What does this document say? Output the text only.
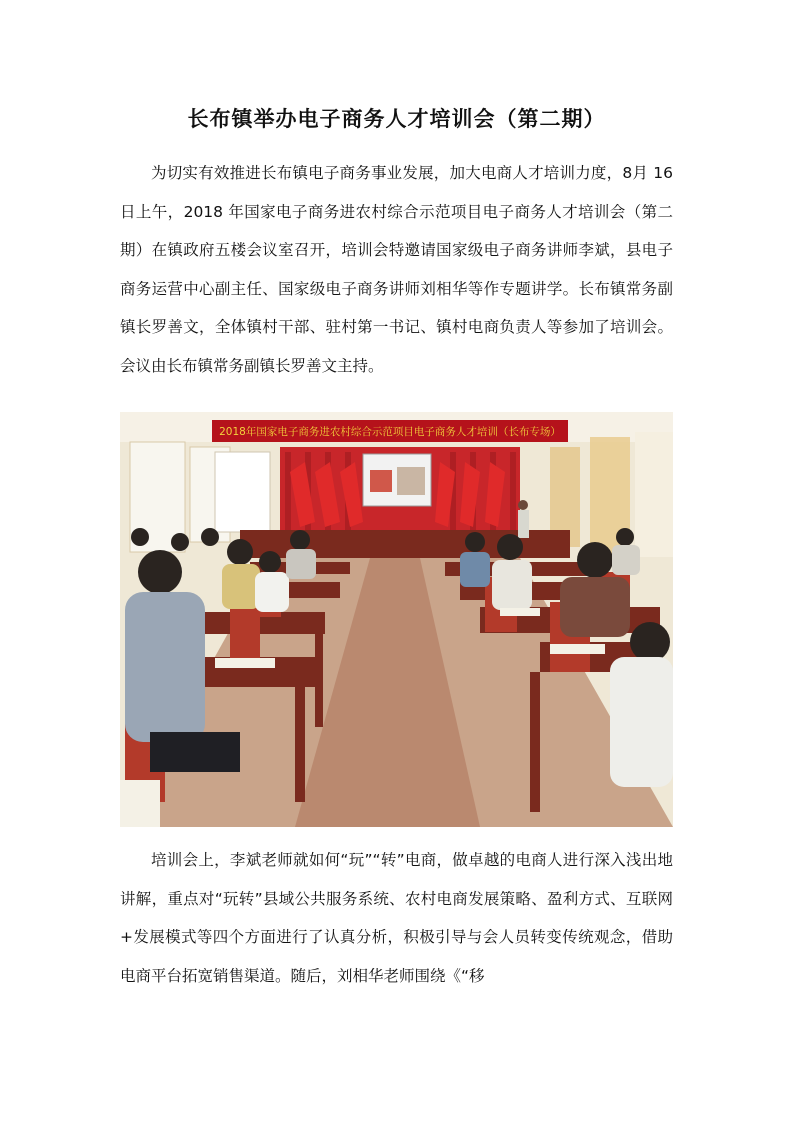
长布镇举办电子商务人才培训会（第二期）

为切实有效推进长布镇电子商务事业发展，加大电商人才培训力度，8月 16 日上午，2018 年国家电子商务进农村综合示范项目电子商务人才培训会（第二期）在镇政府五楼会议室召开，培训会特邀请国家级电子商务讲师李斌，县电子商务运营中心副主任、国家级电子商务讲师刘相华等作专题讲学。长布镇常务副镇长罗善文，全体镇村干部、驻村第一书记、镇村电商负责人等参加了培训会。会议由长布镇常务副镇长罗善文主持。

2018年国家电子商务进农村综合示范项目电子商务人才培训（长布专场）

培训会上，李斌老师就如何“玩”“转”电商，做卓越的电商人进行深入浅出地讲解，重点对“玩转”县域公共服务系统、农村电商发展策略、盈利方式、互联网+发展模式等四个方面进行了认真分析，积极引导与会人员转变传统观念，借助电商平台拓宽销售渠道。随后，刘相华老师围绕《“移
